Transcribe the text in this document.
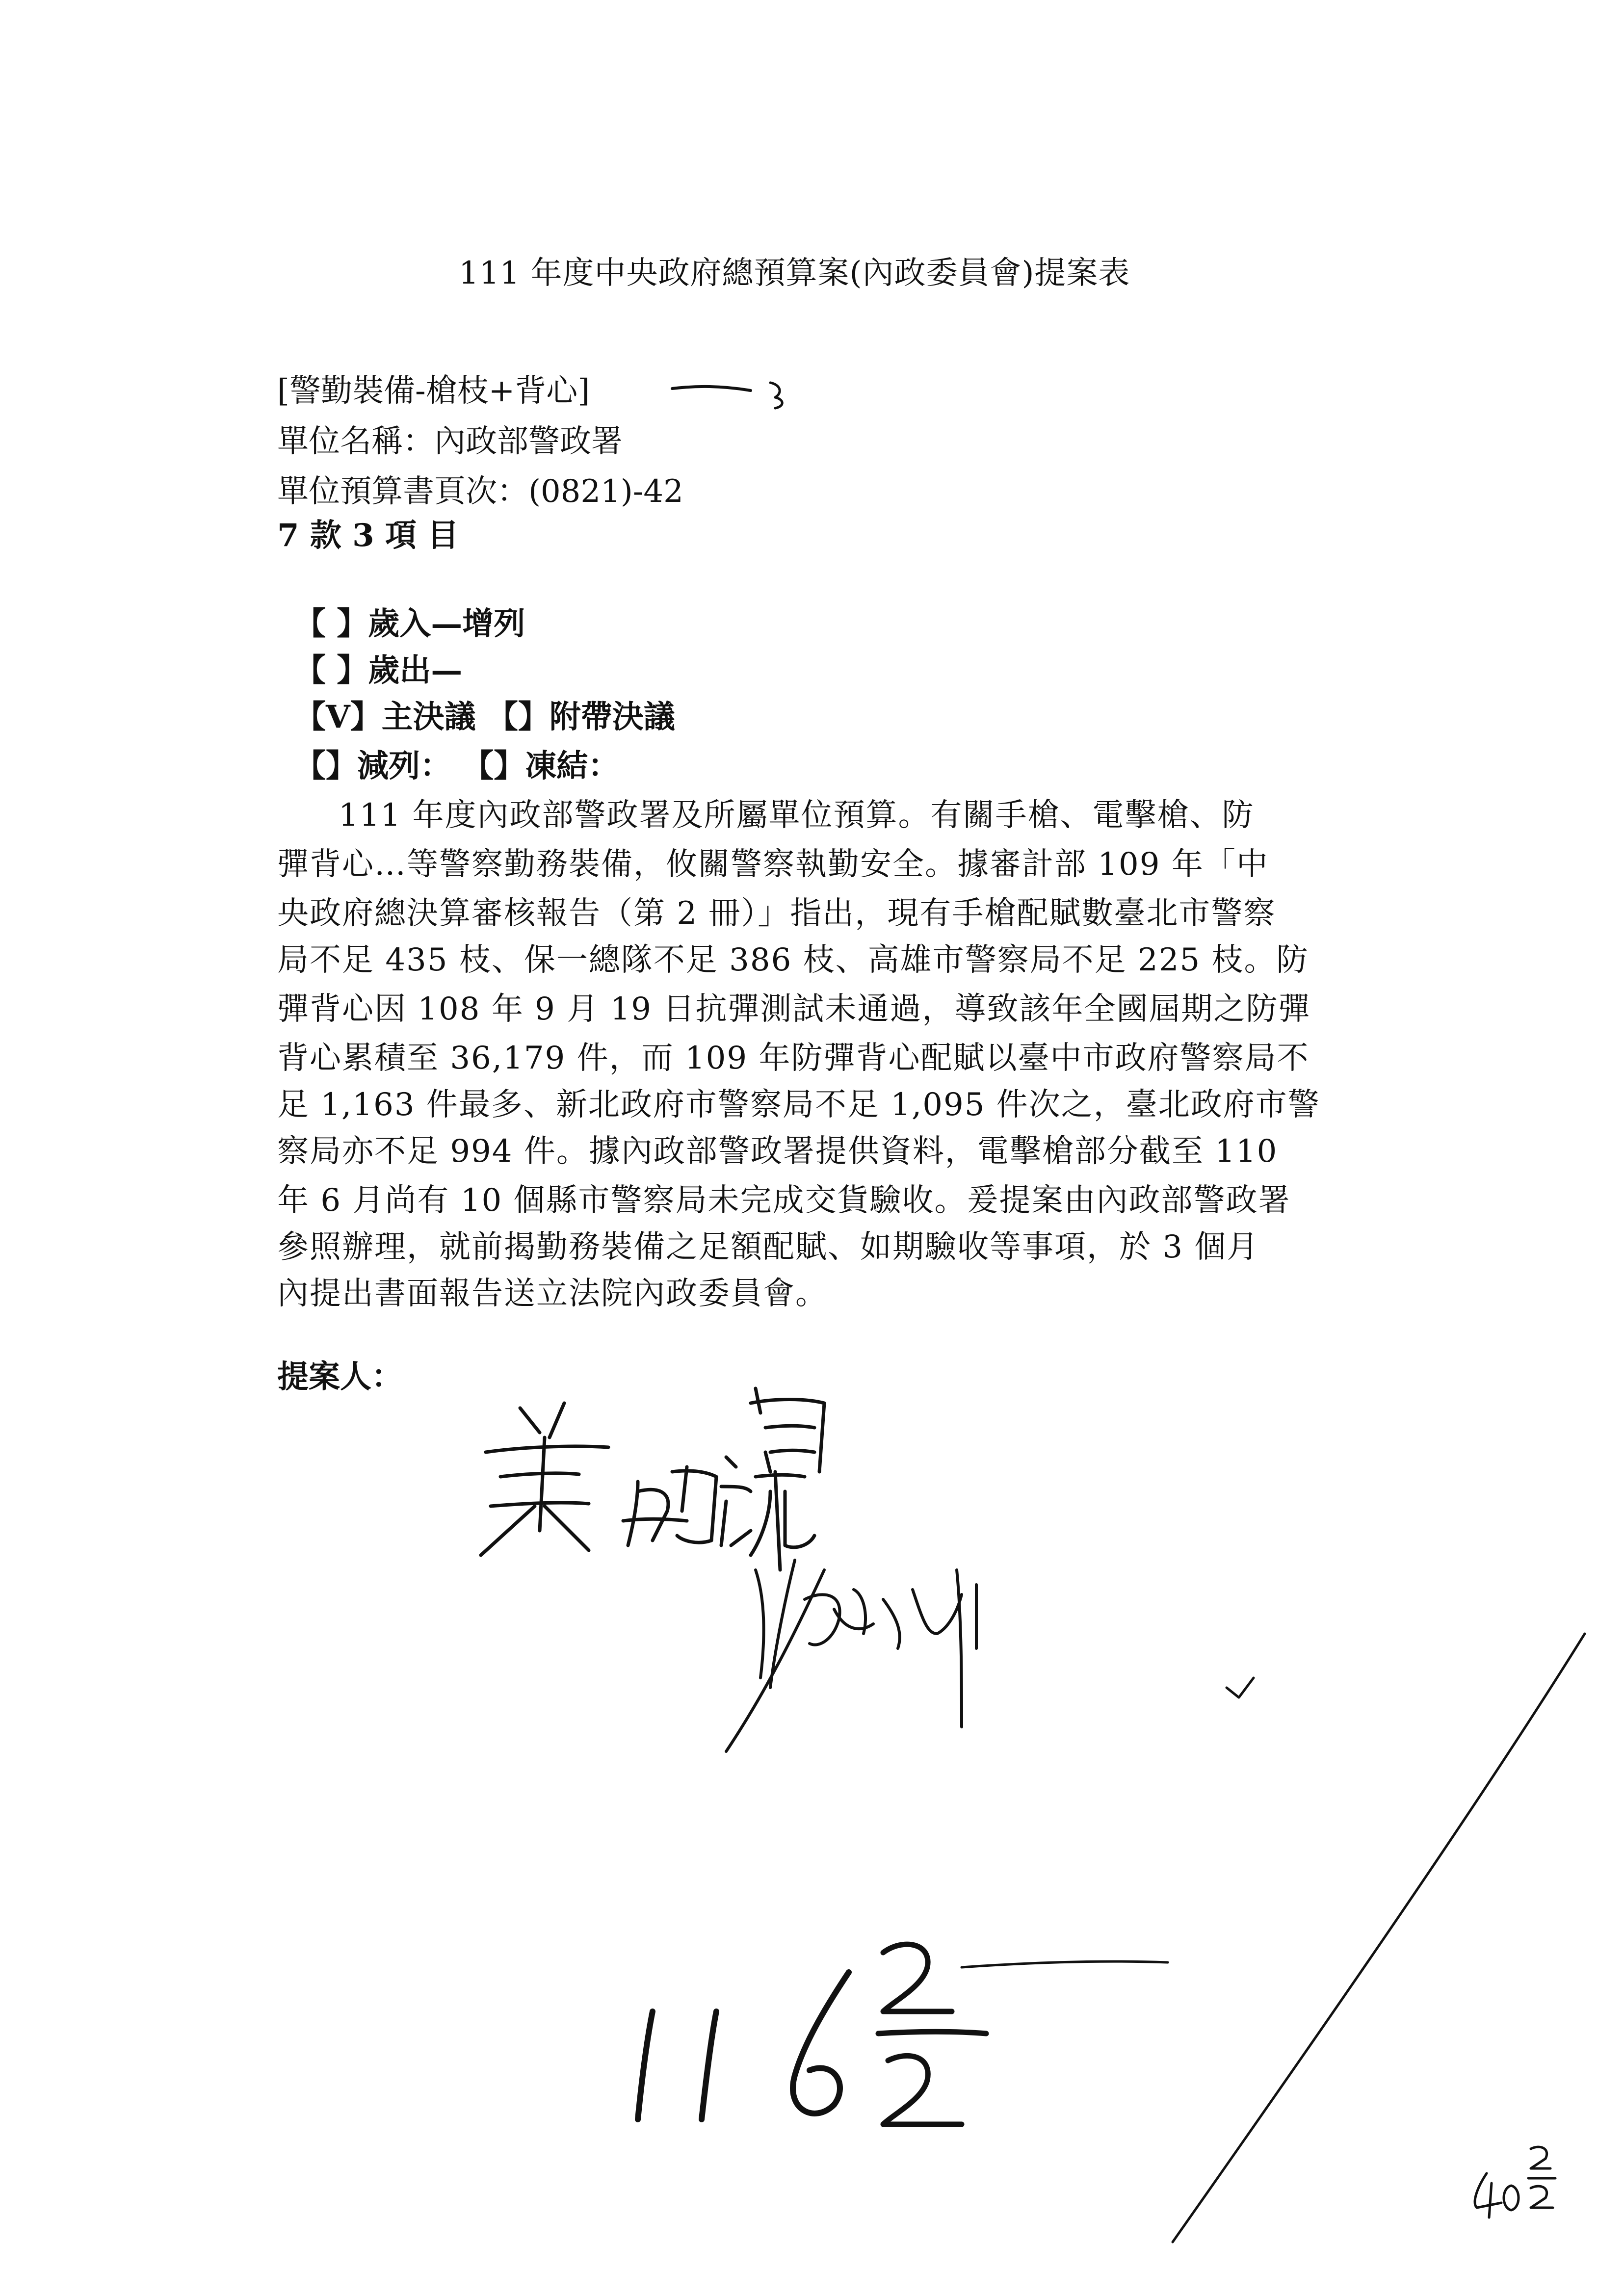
111 年度中央政府總預算案(內政委員會)提案表
[警勤裝備-槍枝+背心]
單位名稱：內政部警政署
單位預算書頁次：(0821)-42
7 款 3 項 目
【 】歲入—增列
【 】歲出—
【V】主決議 【】附帶決議
【】減列： 【】凍結：
111 年度內政部警政署及所屬單位預算。有關手槍、電擊槍、防
彈背心…等警察勤務裝備，攸關警察執勤安全。據審計部 109 年「中
央政府總決算審核報告（第 2 冊）」指出，現有手槍配賦數臺北市警察
局不足 435 枝、保一總隊不足 386 枝、高雄市警察局不足 225 枝。防
彈背心因 108 年 9 月 19 日抗彈測試未通過，導致該年全國屆期之防彈
背心累積至 36,179 件，而 109 年防彈背心配賦以臺中市政府警察局不
足 1,163 件最多、新北政府市警察局不足 1,095 件次之，臺北政府市警
察局亦不足 994 件。據內政部警政署提供資料，電擊槍部分截至 110
年 6 月尚有 10 個縣市警察局未完成交貨驗收。爰提案由內政部警政署
參照辦理，就前揭勤務裝備之足額配賦、如期驗收等事項，於 3 個月
內提出書面報告送立法院內政委員會。
提案人：
